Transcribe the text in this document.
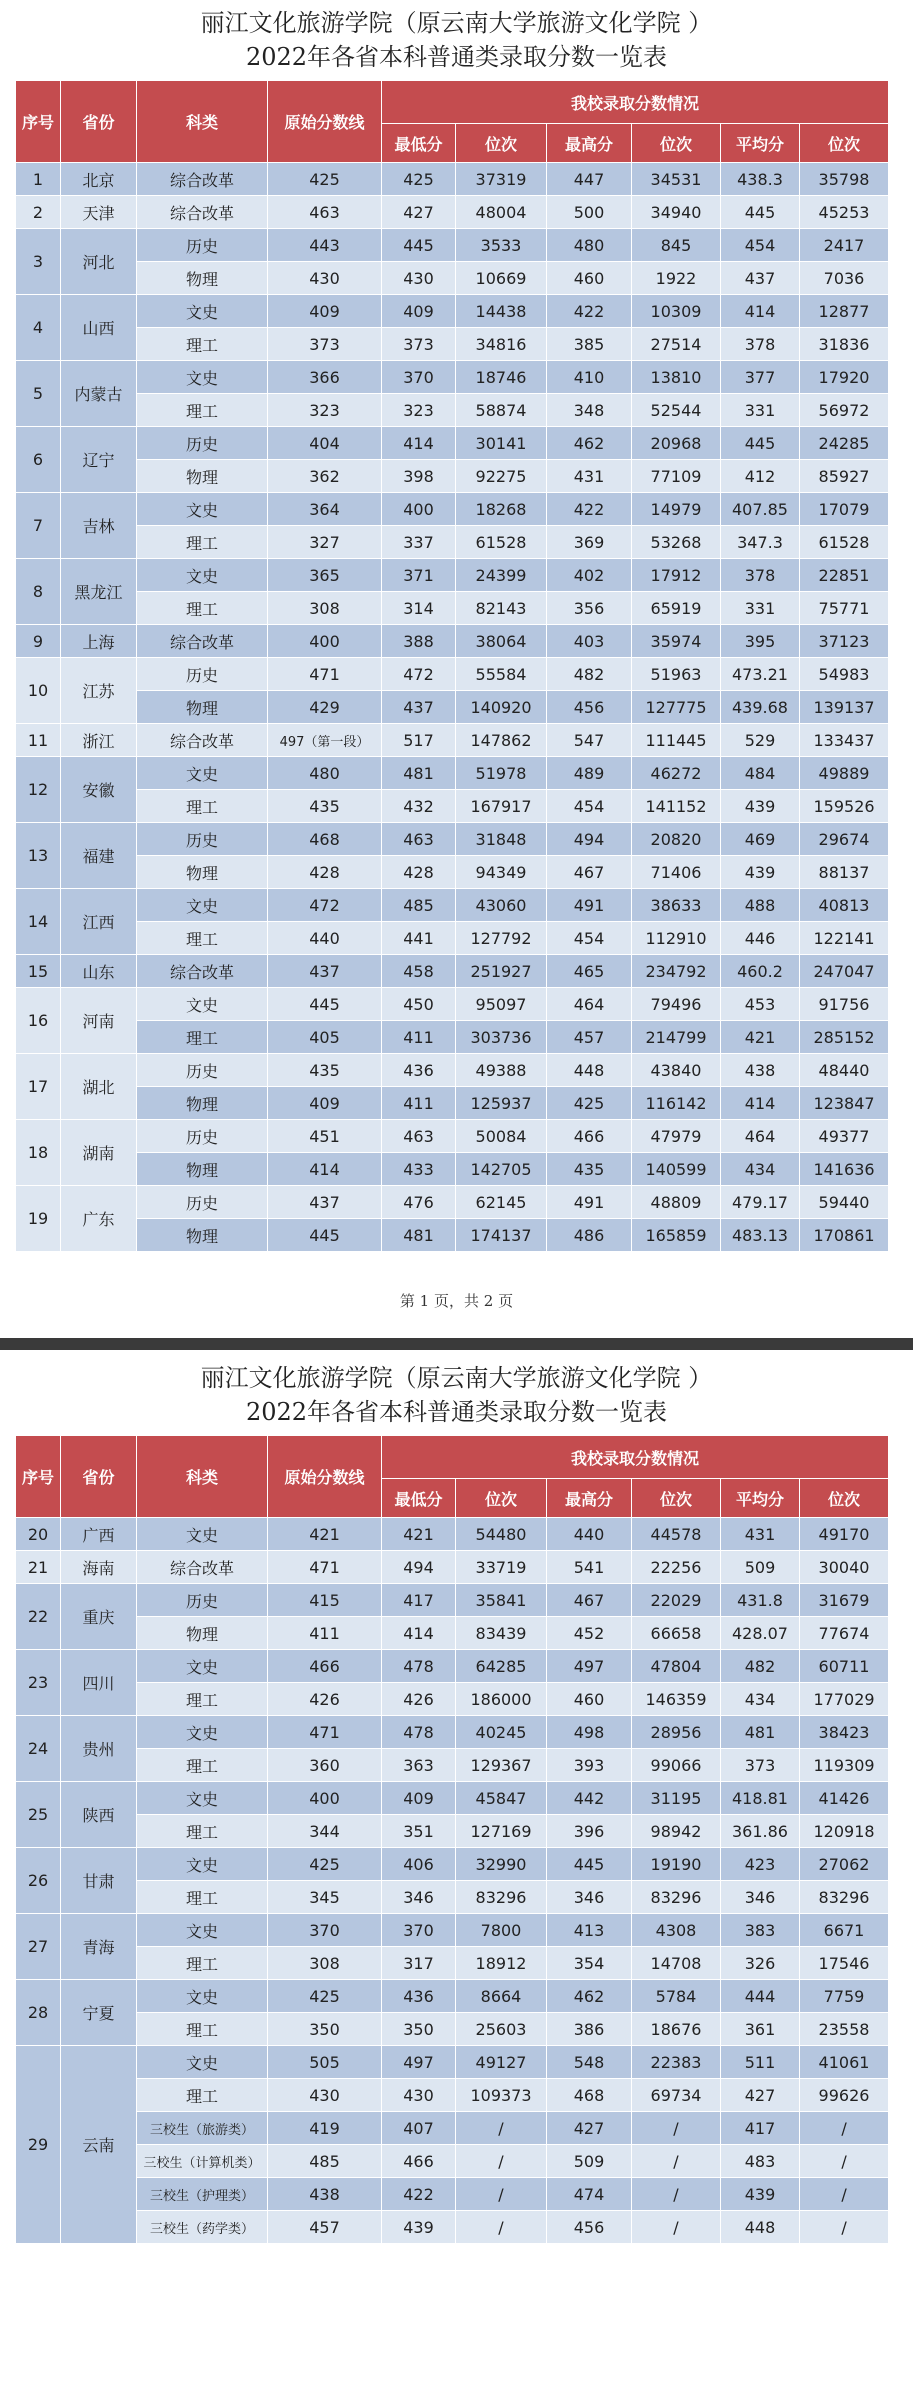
丽江文化旅游学院（原云南大学旅游文化学院 ）
2022年各省本科普通类录取分数一览表
序号	省份	科类	原始分数线	我校录取分数情况					
				最低分	位次	最高分	位次	平均分	位次
1	北京	综合改革	425	425	37319	447	34531	438.3	35798
2	天津	综合改革	463	427	48004	500	34940	445	45253
3	河北	历史	443	445	3533	480	845	454	2417
		物理	430	430	10669	460	1922	437	7036
4	山西	文史	409	409	14438	422	10309	414	12877
		理工	373	373	34816	385	27514	378	31836
5	内蒙古	文史	366	370	18746	410	13810	377	17920
		理工	323	323	58874	348	52544	331	56972
6	辽宁	历史	404	414	30141	462	20968	445	24285
		物理	362	398	92275	431	77109	412	85927
7	吉林	文史	364	400	18268	422	14979	407.85	17079
		理工	327	337	61528	369	53268	347.3	61528
8	黑龙江	文史	365	371	24399	402	17912	378	22851
		理工	308	314	82143	356	65919	331	75771
9	上海	综合改革	400	388	38064	403	35974	395	37123
10	江苏	历史	471	472	55584	482	51963	473.21	54983
		物理	429	437	140920	456	127775	439.68	139137
11	浙江	综合改革	497（第一段）	517	147862	547	111445	529	133437
12	安徽	文史	480	481	51978	489	46272	484	49889
		理工	435	432	167917	454	141152	439	159526
13	福建	历史	468	463	31848	494	20820	469	29674
		物理	428	428	94349	467	71406	439	88137
14	江西	文史	472	485	43060	491	38633	488	40813
		理工	440	441	127792	454	112910	446	122141
15	山东	综合改革	437	458	251927	465	234792	460.2	247047
16	河南	文史	445	450	95097	464	79496	453	91756
		理工	405	411	303736	457	214799	421	285152
17	湖北	历史	435	436	49388	448	43840	438	48440
		物理	409	411	125937	425	116142	414	123847
18	湖南	历史	451	463	50084	466	47979	464	49377
		物理	414	433	142705	435	140599	434	141636
19	广东	历史	437	476	62145	491	48809	479.17	59440
		物理	445	481	174137	486	165859	483.13	170861
第 1 页，共 2 页
丽江文化旅游学院（原云南大学旅游文化学院 ）
2022年各省本科普通类录取分数一览表
序号	省份	科类	原始分数线	我校录取分数情况					
				最低分	位次	最高分	位次	平均分	位次
20	广西	文史	421	421	54480	440	44578	431	49170
21	海南	综合改革	471	494	33719	541	22256	509	30040
22	重庆	历史	415	417	35841	467	22029	431.8	31679
		物理	411	414	83439	452	66658	428.07	77674
23	四川	文史	466	478	64285	497	47804	482	60711
		理工	426	426	186000	460	146359	434	177029
24	贵州	文史	471	478	40245	498	28956	481	38423
		理工	360	363	129367	393	99066	373	119309
25	陕西	文史	400	409	45847	442	31195	418.81	41426
		理工	344	351	127169	396	98942	361.86	120918
26	甘肃	文史	425	406	32990	445	19190	423	27062
		理工	345	346	83296	346	83296	346	83296
27	青海	文史	370	370	7800	413	4308	383	6671
		理工	308	317	18912	354	14708	326	17546
28	宁夏	文史	425	436	8664	462	5784	444	7759
		理工	350	350	25603	386	18676	361	23558
29	云南	文史	505	497	49127	548	22383	511	41061
		理工	430	430	109373	468	69734	427	99626
		三校生（旅游类）	419	407	/	427	/	417	/
		三校生（计算机类）	485	466	/	509	/	483	/
		三校生（护理类）	438	422	/	474	/	439	/
		三校生（药学类）	457	439	/	456	/	448	/
